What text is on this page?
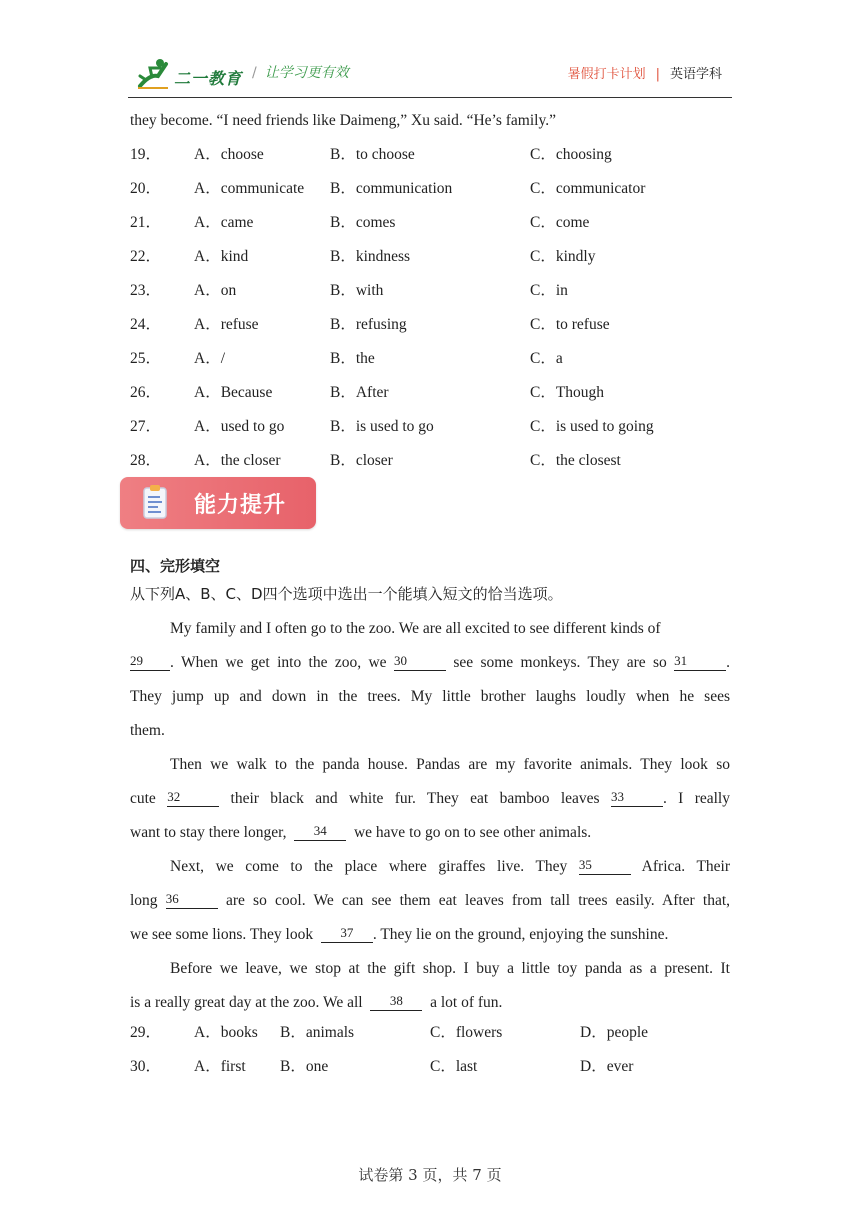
二一教育 / 让学习更有效	暑假打卡计划 | 英语学科
they become. “I need friends like Daimeng,” Xu said. “He’s family.”
19． A．choose	B．to choose	C．choosing
20． A．communicate B．communication	C．communicator
21． A．came	B．comes	C．come
22． A．kind	B．kindness	C．kindly
23． A．on	B．with	C．in
24． A．refuse	B．refusing	C．to refuse
25． A．/	B．the	C．a
26． A．Because	B．After	C．Though
27． A．used to go	B．is used to go	C．is used to going
28． A．the closer	B．closer	C．the closest
能力提升
四、完形填空
从下列A、B、C、D四个选项中选出一个能填入短文的恰当选项。
My family and I often go to the zoo. We are all excited to see different kinds of
29 . When we get into the zoo, we 30	see some monkeys. They are so 31	.
They jump up and down in the trees. My little brother laughs loudly when he sees
them.
Then we walk to the panda house. Pandas are my favorite animals. They look so
cute 32	their black and white fur. They eat bamboo leaves 33	. I really
want to stay there longer, 34 we have to go on to see other animals.
Next, we come to the place where giraffes live. They 35	Africa. Their
long 36	are so cool. We can see them eat leaves from tall trees easily. After that,
we see some lions. They look 37 . They lie on the ground, enjoying the sunshine.
Before we leave, we stop at the gift shop. I buy a little toy panda as a present. It
is a really great day at the zoo. We all 38 a lot of fun.
29． A．books B．animals	C．flowers	D．people
30． A．first B．one	C．last	D．ever
试卷第 3 页，共 7 页
